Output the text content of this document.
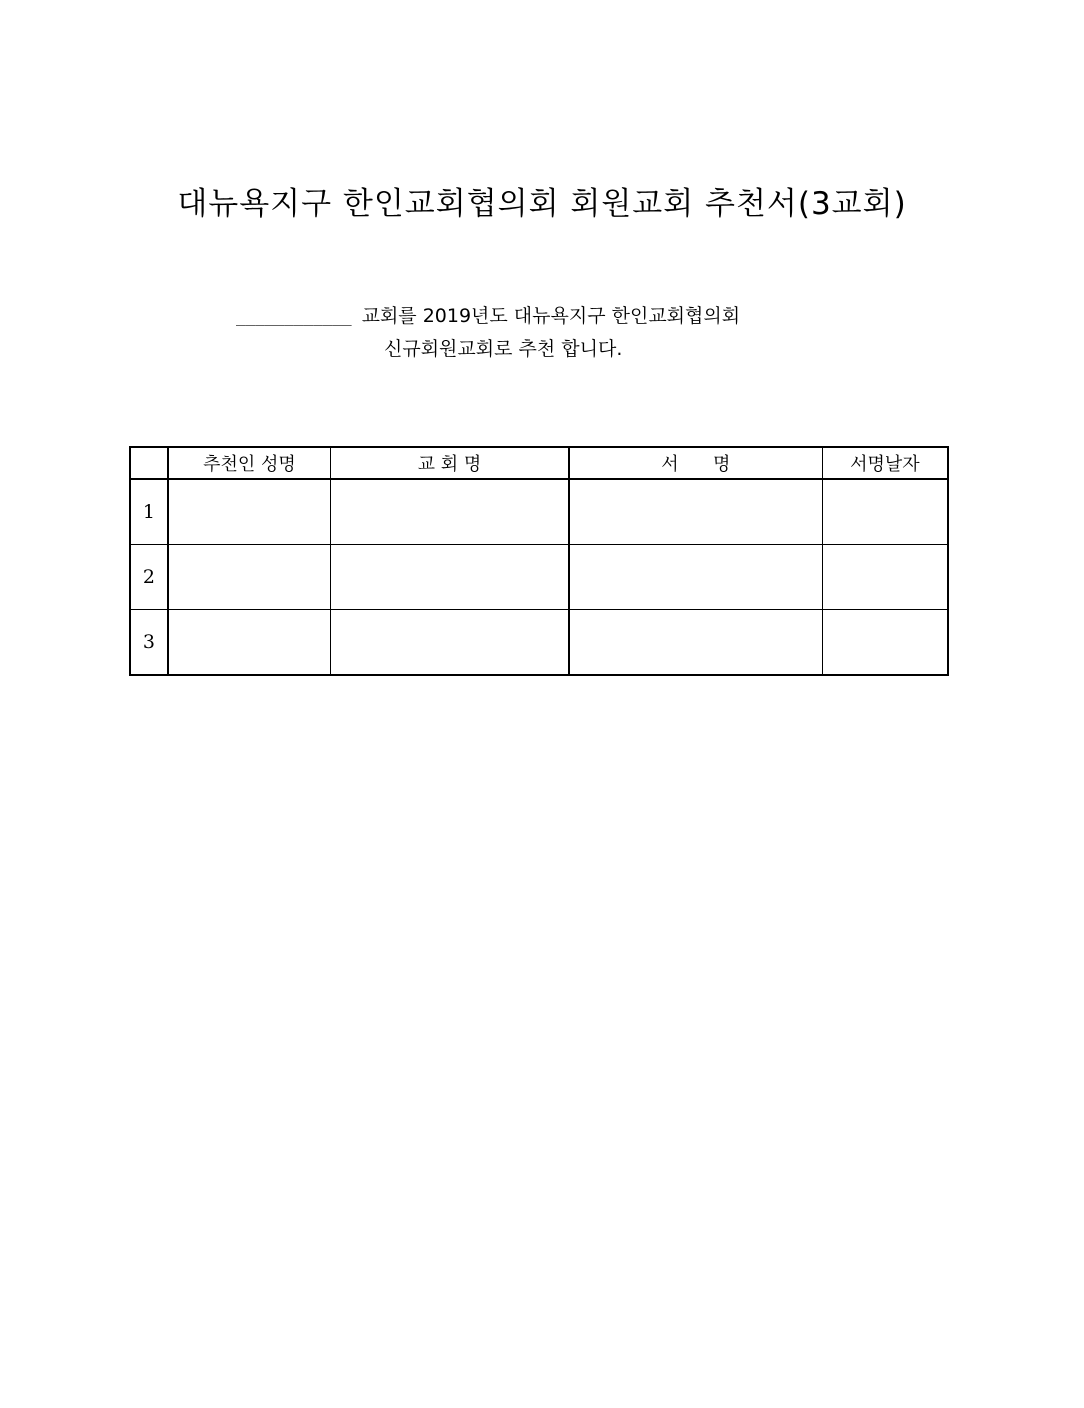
대뉴욕지구 한인교회협의회 회원교회 추천서(3교회)
____________ 교회를 2019년도 대뉴욕지구 한인교회협의회
신규회원교회로 추천 합니다.
	추천인 성명	교 회 명	서      명	서명날자
1				
2				
3				
